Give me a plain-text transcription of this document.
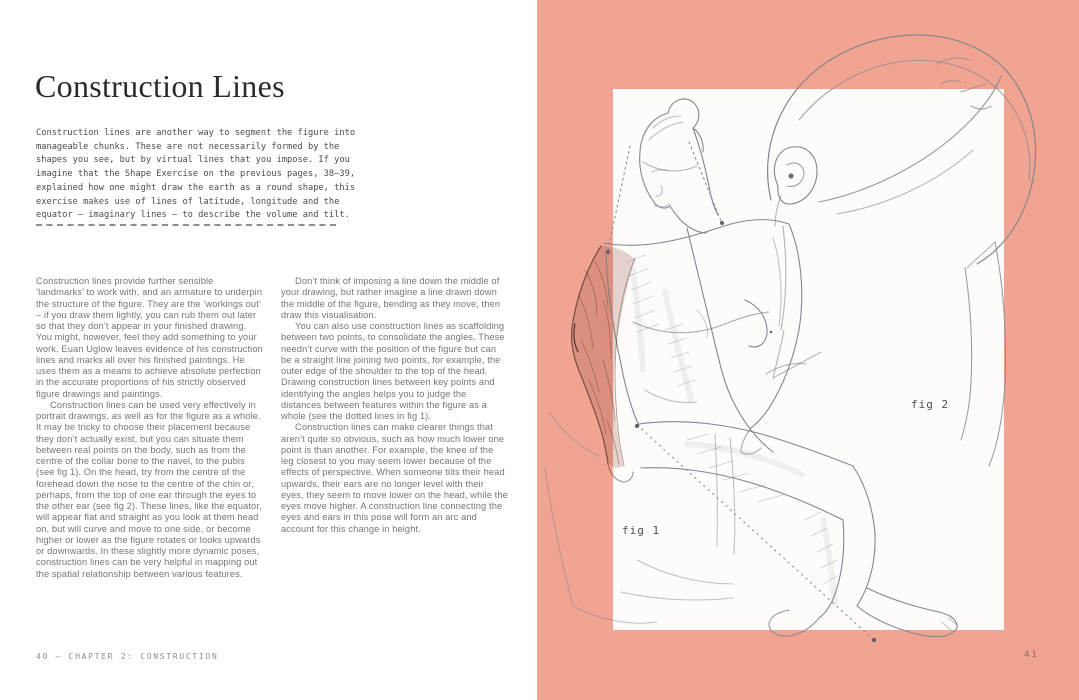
Construction Lines

Construction lines are another way to segment the figure into manageable chunks. These are not necessarily formed by the shapes you see, but by virtual lines that you impose. If you imagine that the Shape Exercise on the previous pages, 38–39, explained how one might draw the earth as a round shape, this exercise makes use of lines of latitude, longitude and the equator — imaginary lines — to describe the volume and tilt.

Construction lines provide further sensible ‘landmarks’ to work with, and an armature to underpin the structure of the figure. They are the ‘workings out’ – if you draw them lightly, you can rub them out later so that they don’t appear in your finished drawing. You might, however, feel they add something to your work. Euan Uglow leaves evidence of his construction lines and marks all over his finished paintings. He uses them as a means to achieve absolute perfection in the accurate proportions of his strictly observed figure drawings and paintings.

Construction lines can be used very effectively in portrait drawings, as well as for the figure as a whole. It may be tricky to choose their placement because they don’t actually exist, but you can situate them between real points on the body, such as from the centre of the collar bone to the navel, to the pubis (see fig 1). On the head, try from the centre of the forehead down the nose to the centre of the chin or, perhaps, from the top of one ear through the eyes to the other ear (see fig 2). These lines, like the equator, will appear flat and straight as you look at them head on, but will curve and move to one side, or become higher or lower as the figure rotates or looks upwards or downwards. In these slightly more dynamic poses, construction lines can be very helpful in mapping out the spatial relationship between various features.

Don’t think of imposing a line down the middle of your drawing, but rather imagine a line drawn down the middle of the figure, bending as they move, then draw this visualisation.

You can also use construction lines as scaffolding between two points, to consolidate the angles. These needn’t curve with the position of the figure but can be a straight line joining two points, for example, the outer edge of the shoulder to the top of the head. Drawing construction lines between key points and identifying the angles helps you to judge the distances between features within the figure as a whole (see the dotted lines in fig 1).

Construction lines can make clearer things that aren’t quite so obvious, such as how much lower one point is than another. For example, the knee of the leg closest to you may seem lower because of the effects of perspective. When someone tilts their head upwards, their ears are no longer level with their eyes, they seem to move lower on the head, while the eyes move higher. A construction line connecting the eyes and ears in this pose will form an arc and account for this change in height.

40 — CHAPTER 2: CONSTRUCTION
fig 2
fig 1
41
